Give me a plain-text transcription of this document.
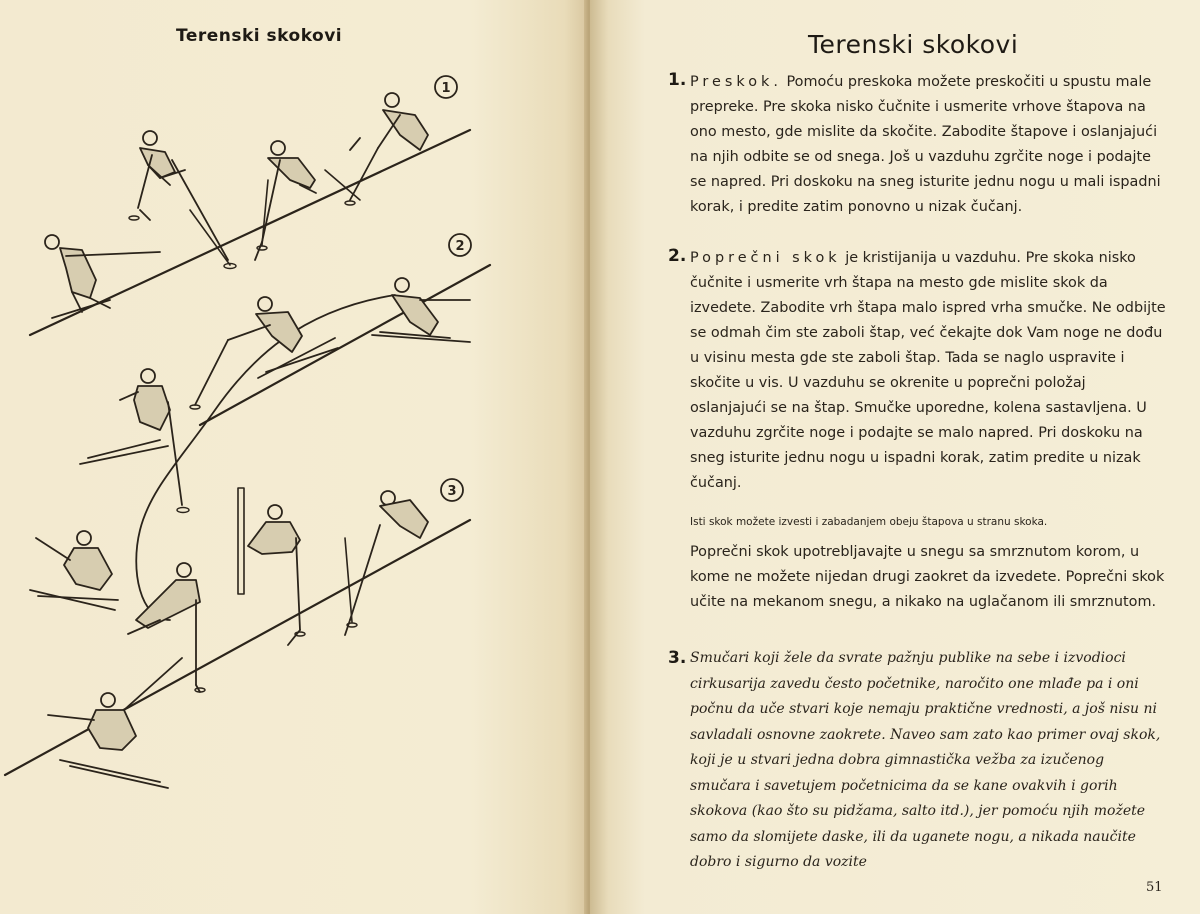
Terenski skokovi
1
2
3
Terenski skokovi
1. Preskok. Pomoću preskoka možete preskočiti u spustu male prepreke. Pre skoka nisko čučnite i usmerite vrhove štapova na ono mesto, gde mislite da skočite. Zabodite štapove i oslanjajući na njih odbite se od snega. Još u vazduhu zgrčite noge i podajte se napred. Pri doskoku na sneg isturite jednu nogu u mali ispadni korak, i predite zatim ponovno u nizak čučanj.

2. Poprečni skok je kristijanija u vazduhu. Pre skoka nisko čučnite i usmerite vrh štapa na mesto gde mislite skok da izvedete. Zabodite vrh štapa malo ispred vrha smučke. Ne odbijte se odmah čim ste zaboli štap, već čekajte dok Vam noge ne dođu u visinu mesta gde ste zaboli štap. Tada se naglo uspravite i skočite u vis. U vazduhu se okrenite u poprečni položaj oslanjajući se na štap. Smučke uporedne, kolena sastavljena. U vazduhu zgrčite noge i podajte se malo napred. Pri doskoku na sneg isturite jednu nogu u ispadni korak, zatim predite u nizak čučanj.

Isti skok možete izvesti i zabadanjem obeju štapova u stranu skoka.

Poprečni skok upotrebljavajte u snegu sa smrznutom korom, u kome ne možete nijedan drugi zaokret da izvedete. Poprečni skok učite na mekanom snegu, a nikako na uglačanom ili smrznutom.

3. Smučari koji žele da svrate pažnju publike na sebe i izvodioci cirkusarija zavedu često početnike, naročito one mlađe pa i oni počnu da uče stvari koje nemaju praktične vrednosti, a još nisu ni savladali osnovne zaokrete. Naveo sam zato kao primer ovaj skok, koji je u stvari jedna dobra gimnastička vežba za izučenog smučara i savetujem početnicima da se kane ovakvih i gorih skokova (kao što su pidžama, salto itd.), jer pomoću njih možete samo da slomijete daske, ili da uganete nogu, a nikada naučite dobro i sigurno da vozite

51
